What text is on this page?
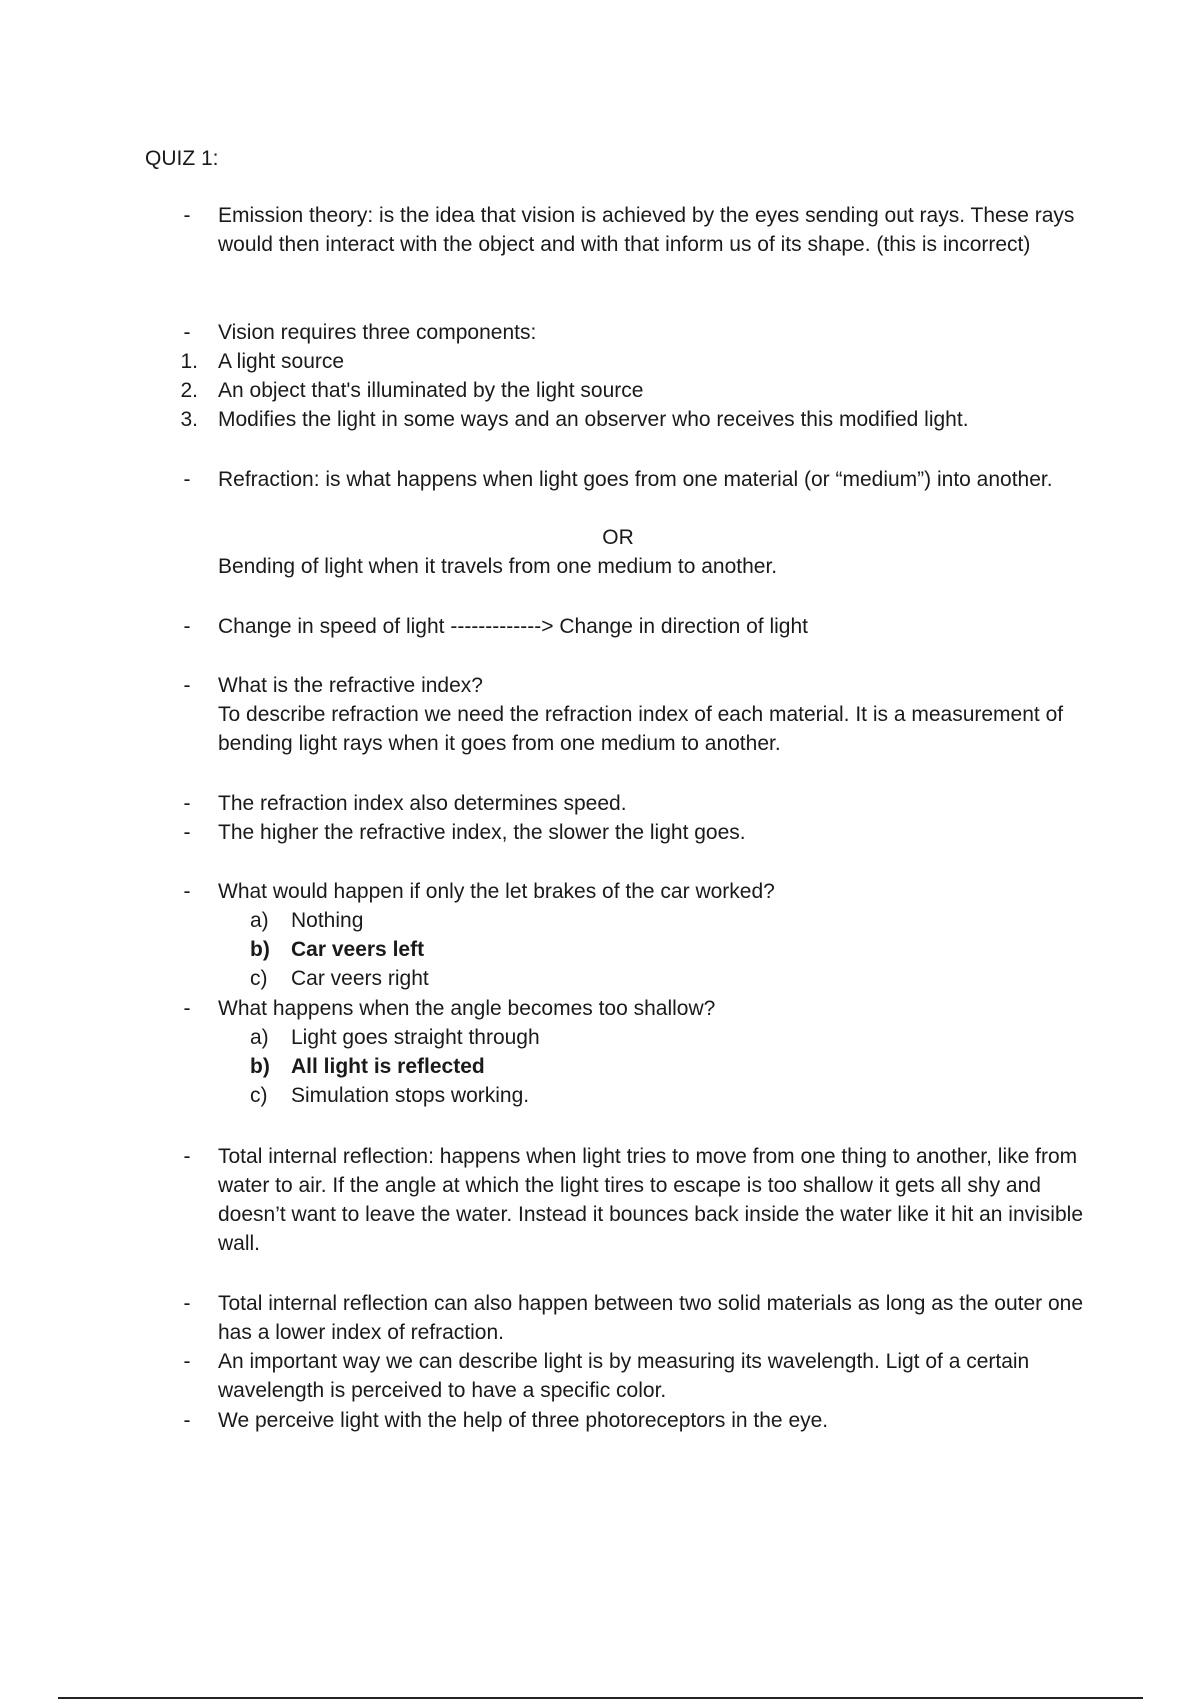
QUIZ 1:

-	Emission theory: is the idea that vision is achieved by the eyes sending out rays. These rays would then interact with the object and with that inform us of its shape. (this is incorrect)

-	Vision requires three components:

1. A light source

2. An object that's illuminated by the light source

3. Modifies the light in some ways and an observer who receives this modified light.

-	Refraction: is what happens when light goes from one material (or “medium”) into another.

OR

Bending of light when it travels from one medium to another.

-	Change in speed of light -------------> Change in direction of light

-	What is the refractive index?

To describe refraction we need the refraction index of each material. It is a measurement of bending light rays when it goes from one medium to another.

-	The refraction index also determines speed.

-	The higher the refractive index, the slower the light goes.

-	What would happen if only the let brakes of the car worked?

a)	Nothing
b)	Car veers left
c)	Car veers right
-	What happens when the angle becomes too shallow?

a)	Light goes straight through
b)	All light is reflected
c)	Simulation stops working.
-	Total internal reflection: happens when light tries to move from one thing to another, like from water to air. If the angle at which the light tires to escape is too shallow it gets all shy and doesn’t want to leave the water. Instead it bounces back inside the water like it hit an invisible wall.

-	Total internal reflection can also happen between two solid materials as long as the outer one has a lower index of refraction.

-	An important way we can describe light is by measuring its wavelength. Ligt of a certain wavelength is perceived to have a specific color.

-	We perceive light with the help of three photoreceptors in the eye.
